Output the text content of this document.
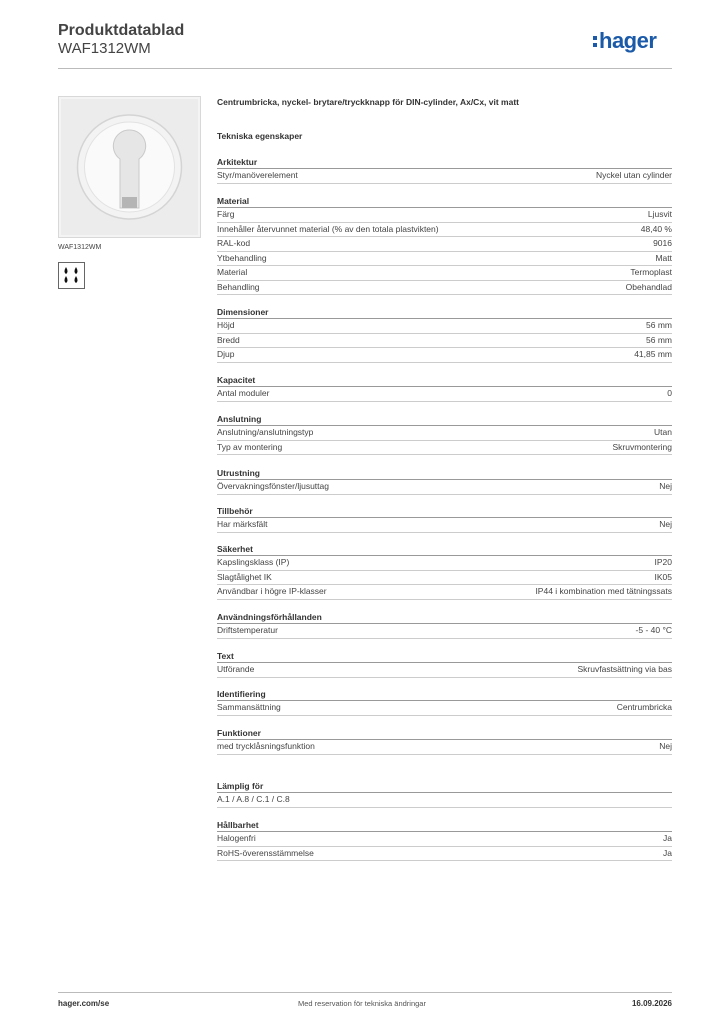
Produktdatablad
WAF1312WM	hager
WAF1312WM
Centrumbricka, nyckel- brytare/tryckknapp för DIN-cylinder, Ax/Cx, vit matt
Tekniska egenskaper
Arkitektur
Styr/manöverelement	Nyckel utan cylinder
Material
Färg	Ljusvit
Innehåller återvunnet material (% av den totala plastvikten)	48,40 %
RAL-kod	9016
Ytbehandling	Matt
Material	Termoplast
Behandling	Obehandlad
Dimensioner
Höjd	56 mm
Bredd	56 mm
Djup	41,85 mm
Kapacitet
Antal moduler	0
Anslutning
Anslutning/anslutningstyp	Utan
Typ av montering	Skruvmontering
Utrustning
Övervakningsfönster/ljusuttag	Nej
Tillbehör
Har märksfält	Nej
Säkerhet
Kapslingsklass (IP)	IP20
Slagtålighet IK	IK05
Användbar i högre IP-klasser	IP44 i kombination med tätningssats
Användningsförhållanden
Driftstemperatur	-5 - 40 °C
Text
Utförande	Skruvfastsättning via bas
Identifiering
Sammansättning	Centrumbricka
Funktioner
med trycklåsningsfunktion	Nej
Lämplig för
A.1 / A.8 / C.1 / C.8
Hållbarhet
Halogenfri	Ja
RoHS-överensstämmelse	Ja
hager.com/se	Med reservation för tekniska ändringar	16.09.2026
